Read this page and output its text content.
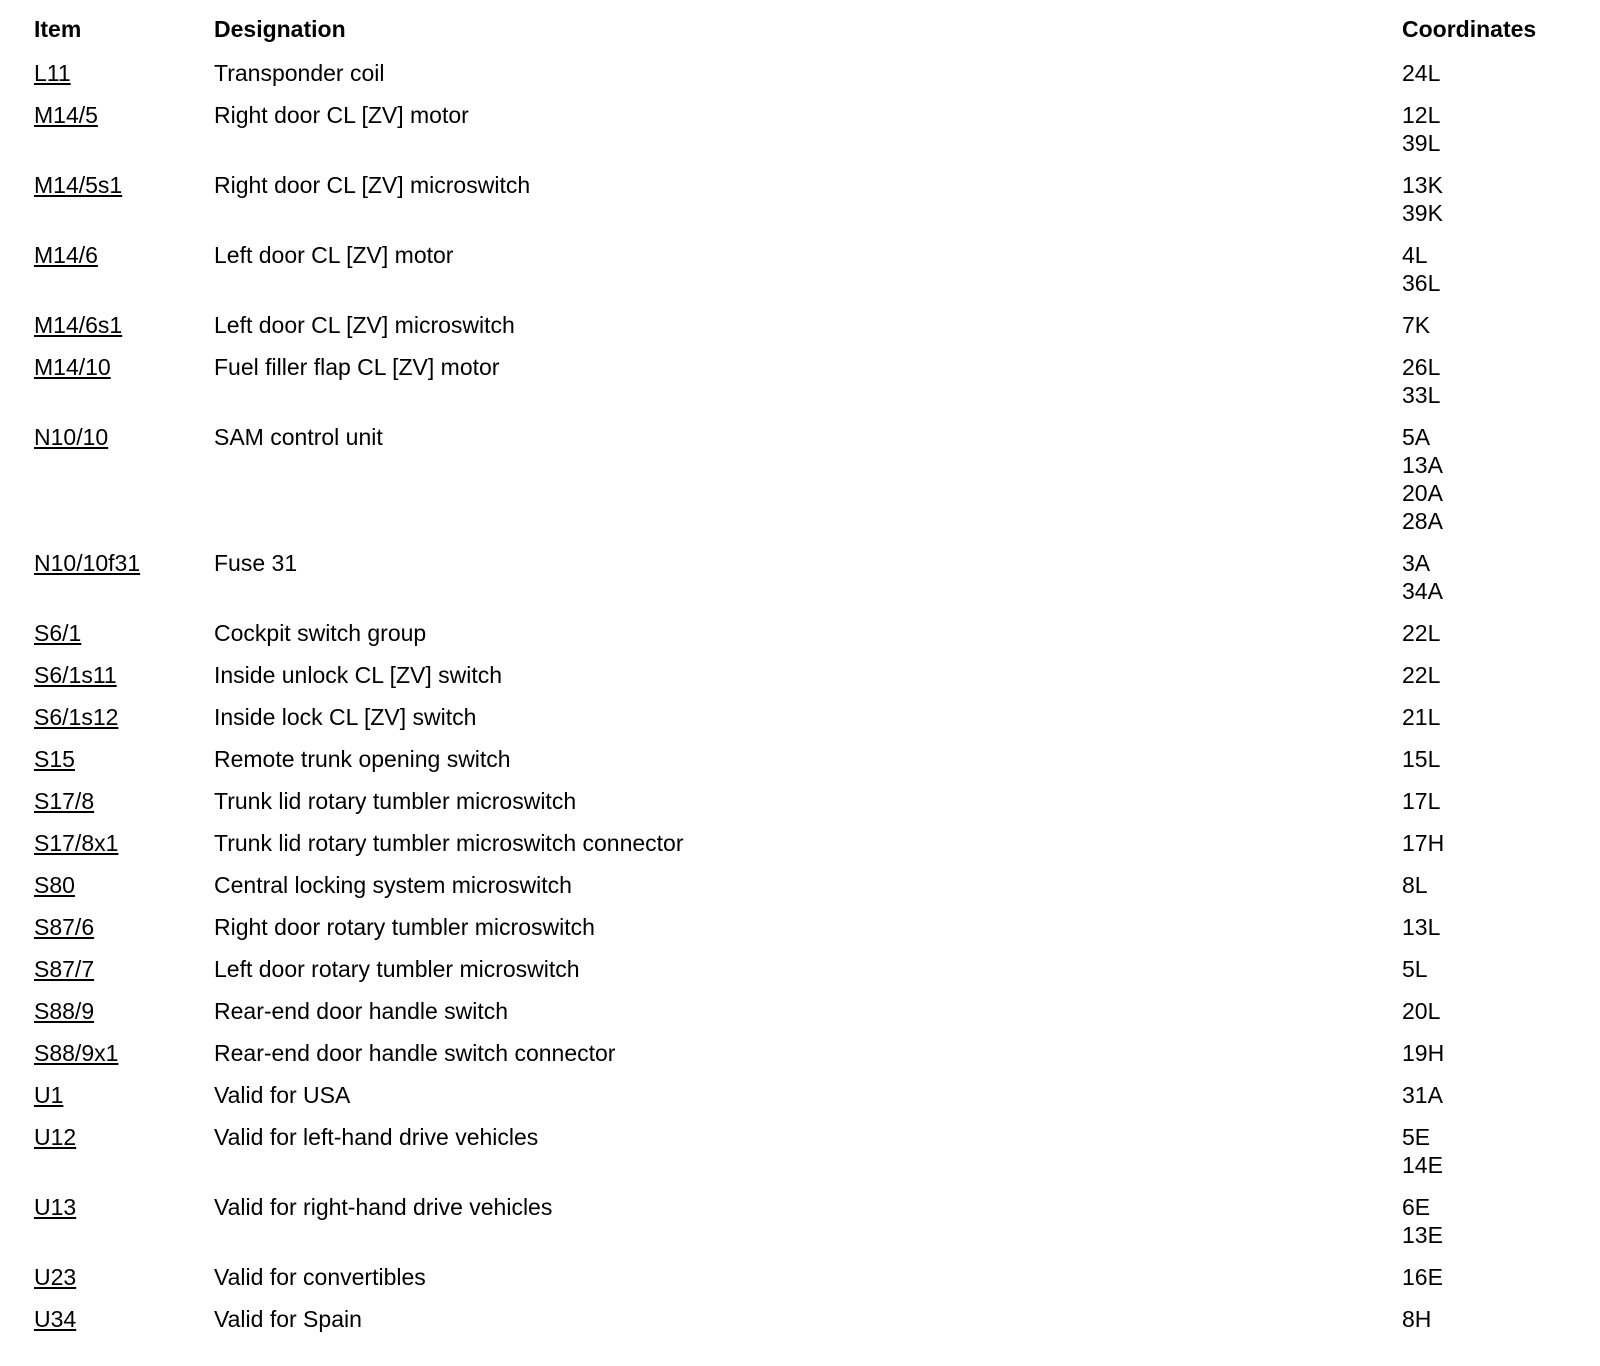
Item	Designation	Coordinates
L11	Transponder coil	24L
M14/5	Right door CL [ZV] motor	12L
39L
M14/5s1	Right door CL [ZV] microswitch	13K
39K
M14/6	Left door CL [ZV] motor	4L
36L
M14/6s1	Left door CL [ZV] microswitch	7K
M14/10	Fuel filler flap CL [ZV] motor	26L
33L
N10/10	SAM control unit	5A
13A
20A
28A
N10/10f31	Fuse 31	3A
34A
S6/1	Cockpit switch group	22L
S6/1s11	Inside unlock CL [ZV] switch	22L
S6/1s12	Inside lock CL [ZV] switch	21L
S15	Remote trunk opening switch	15L
S17/8	Trunk lid rotary tumbler microswitch	17L
S17/8x1	Trunk lid rotary tumbler microswitch connector	17H
S80	Central locking system microswitch	8L
S87/6	Right door rotary tumbler microswitch	13L
S87/7	Left door rotary tumbler microswitch	5L
S88/9	Rear-end door handle switch	20L
S88/9x1	Rear-end door handle switch connector	19H
U1	Valid for USA	31A
U12	Valid for left-hand drive vehicles	5E
14E
U13	Valid for right-hand drive vehicles	6E
13E
U23	Valid for convertibles	16E
U34	Valid for Spain	8H
